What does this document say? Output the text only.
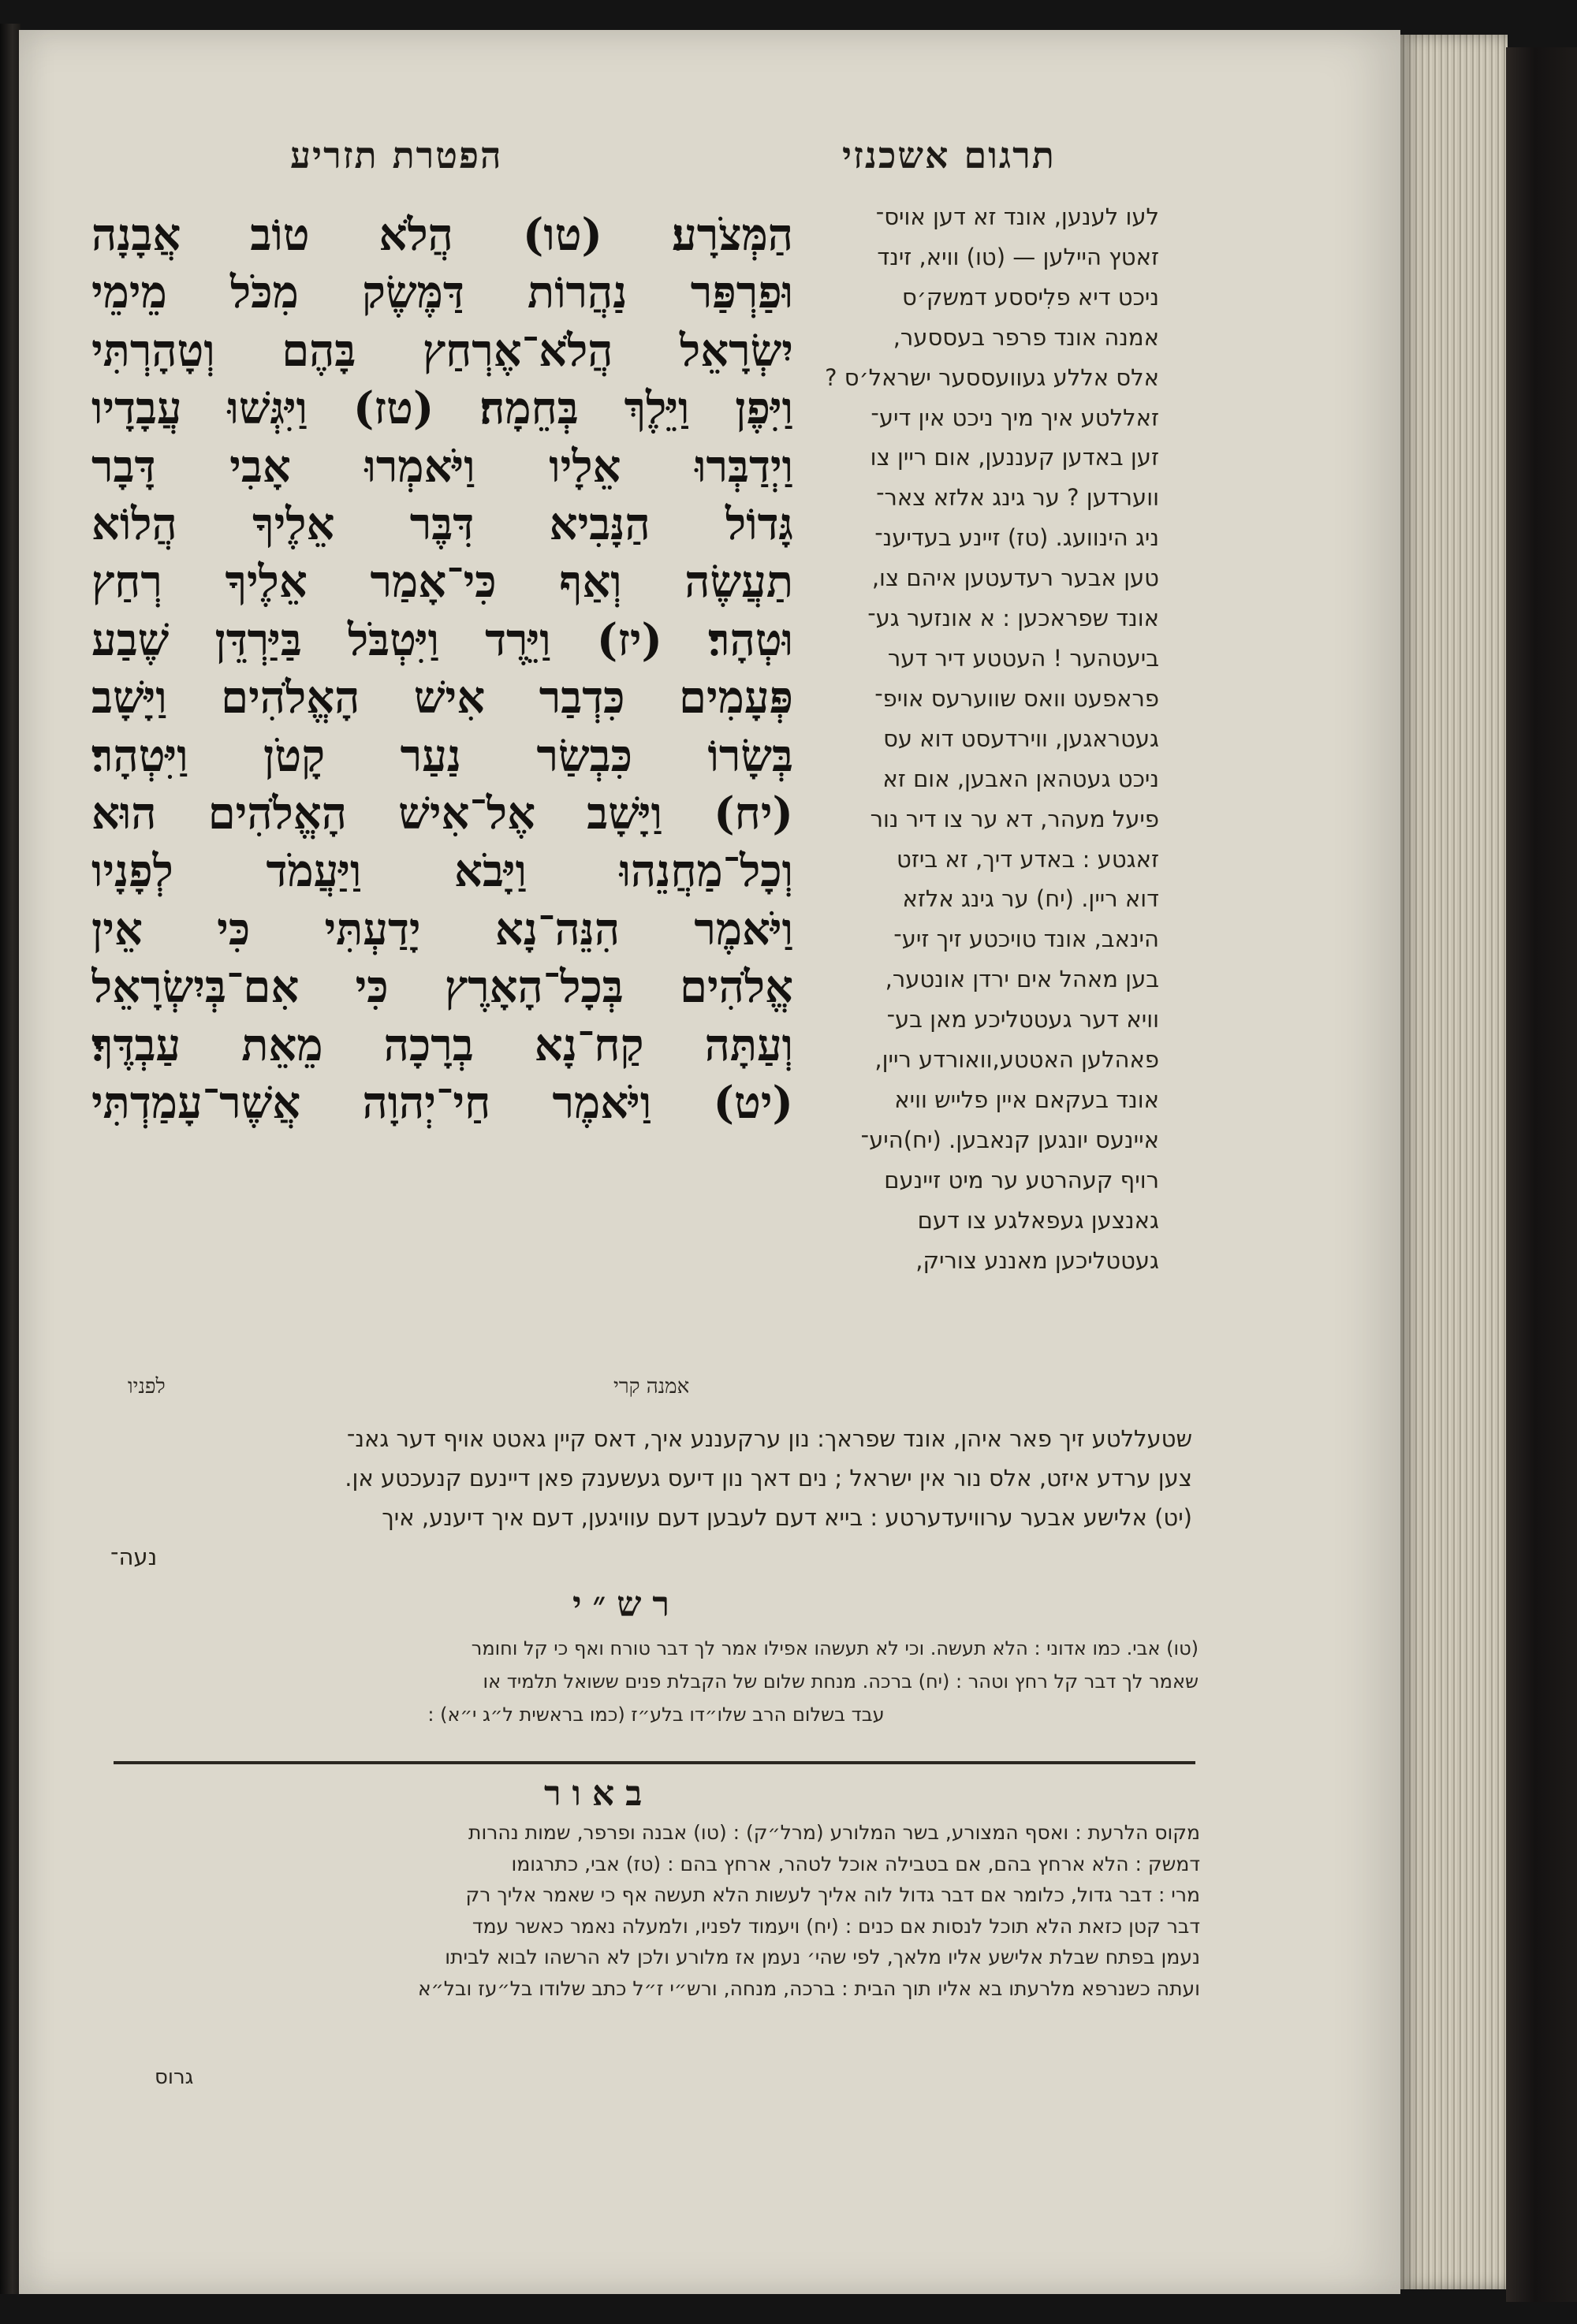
הפטרת תזריע	תרגום אשכנזי
הַמְּצֹרָע׃ (טו) הֲלֹא טוֹב אֲבָנָה
וּפַרְפַּר נַהֲרוֹת דַּמֶּשֶׂק מִכֹּל מֵימֵי
יִשְׂרָאֵל הֲלֹא־אֶרְחַץ בָּהֶם וְטָהָרְתִּי
וַיִּפֶן וַיֵּלֶךְ בְּחֵמָה׃ (טז) וַיִּגְּשׁוּ עֲבָדָיו
וַיְדַבְּרוּ אֵלָיו וַיֹּאמְרוּ אָבִי דָּבָר
גָּדוֹל הַנָּבִיא דִּבֶּר אֵלֶיךָ הֲלוֹא
תַעֲשֶׂה וְאַף כִּי־אָמַר אֵלֶיךָ רְחַץ
וּטְהָר׃ (יז) וַיֵּרֶד וַיִּטְבֹּל בַּיַּרְדֵּן שֶׁבַע
פְּעָמִים כִּדְבַר אִישׁ הָאֱלֹהִים וַיָּשָׁב
בְּשָׂרוֹ כִּבְשַׂר נַעַר קָטֹן וַיִּטְהָר׃
(יח) וַיָּשָׁב אֶל־אִישׁ הָאֱלֹהִים הוּא
וְכָל־מַחֲנֵהוּ וַיָּבֹא וַיַּעֲמֹד לְפָנָיו
וַיֹּאמֶר הִנֵּה־נָא יָדַעְתִּי כִּי אֵין
אֱלֹהִים בְּכָל־הָאָרֶץ כִּי אִם־בְּיִשְׂרָאֵל
וְעַתָּה קַח־נָא בְרָכָה מֵאֵת עַבְדֶּךָ׃
(יט) וַיֹּאמֶר חַי־יְהוָה אֲשֶׁר־עָמַדְתִּי
לעו לענען, אונד זא דען אויס־
זאטץ היילען — (טו) וויא, זינד
ניכט דיא פלִיססע דמשק׳ס
אמנה אונד פרפר בעססער,
אלס אללע געוועססער ישראל׳ס ?
זאללטע איך מיך ניכט אין דיע־
זען באדען קעננען, אום ריין צו
ווערדען ? ער גינג אלזא צאר־
ניג הינוועג. (טז) זיינע בעדיענ־
טען אבער רעדעטען איהם צו,
אונד שפראכען : א אונזער גע־
ביעטהער ! העטטע דיר דער
פראפעט וואס שווערעס אויפ־
געטראגען, ווירדעסט דוא עס
ניכט געטהאן האבען, אום זא
פיעל מעהר, דא ער צו דיר נור
זאגטע : באדע דיך, זא ביזט
דוא ריין. (יח) ער גינג אלזא
הינאב, אונד טויכטע זיך זיע־
בען מאהל אים ירדן אונטער,
וויא דער געטטליכע מאן בע־
פאהלען האטטע,וואורדע ריין,
אונד בעקאם איין פלייש וויא
איינעס יונגען קנאבען. (יח)היע־
רויף קעהרטע ער מיט זיינעם
גאנצען געפאלגע צו דעם
געטטליכען מאננע צוריק,
אמנה קרי
לפניו
שטעללטע זיך פאר איהן, אונד שפראך: נון ערקעננע איך, דאס קיין גאטט אויף דער גאנ־
צען ערדע איזט, אלס נור אין ישראל ; נים דאך נון דיעס געשענק פאן דיינעם קנעכטע אן.
(יט) אלישע אבער ערוויעדערטע : בייא דעם לעבען דעם עוויגען, דעם איך דיענע, איך
נעה־
רש״י
(טו) אבי. כמו אדוני : הלא תעשה. וכי לא תעשהו אפילו אמר לך דבר טורח ואף כי קל וחומר
שאמר לך דבר קל רחץ וטהר : (יח) ברכה. מנחת שלום של הקבלת פנים ששואל תלמיד או
עבד בשלום הרב שלו״דו בלע״ז (כמו בראשית ל״ג י״א) :
באור
מקוס הלרעת : ואסף המצורע, בשר המלורע (מרל״ק) : (טו) אבנה ופרפר, שמות נהרות
דמשק : הלא ארחץ בהם, אם בטבילה אוכל לטהר, ארחץ בהם : (טז) אבי, כתרגומו
מרי : דבר גדול, כלומר אם דבר גדול לוה אליך לעשות הלא תעשה אף כי שאמר אליך רק
דבר קטן כזאת הלא תוכל לנסות אם כנים : (יח) ויעמוד לפניו, ולמעלה נאמר כאשר עמד
נעמן בפתח שבלת אלישע אליו מלאך, לפי שהי׳ נעמן אז מלורע ולכן לא הרשהו לבוא לביתו
ועתה כשנרפא מלרעתו בא אליו תוך הבית : ברכה, מנחה, ורש״י ז״ל כתב שלודו בל״עז ובל״א
גרוס
